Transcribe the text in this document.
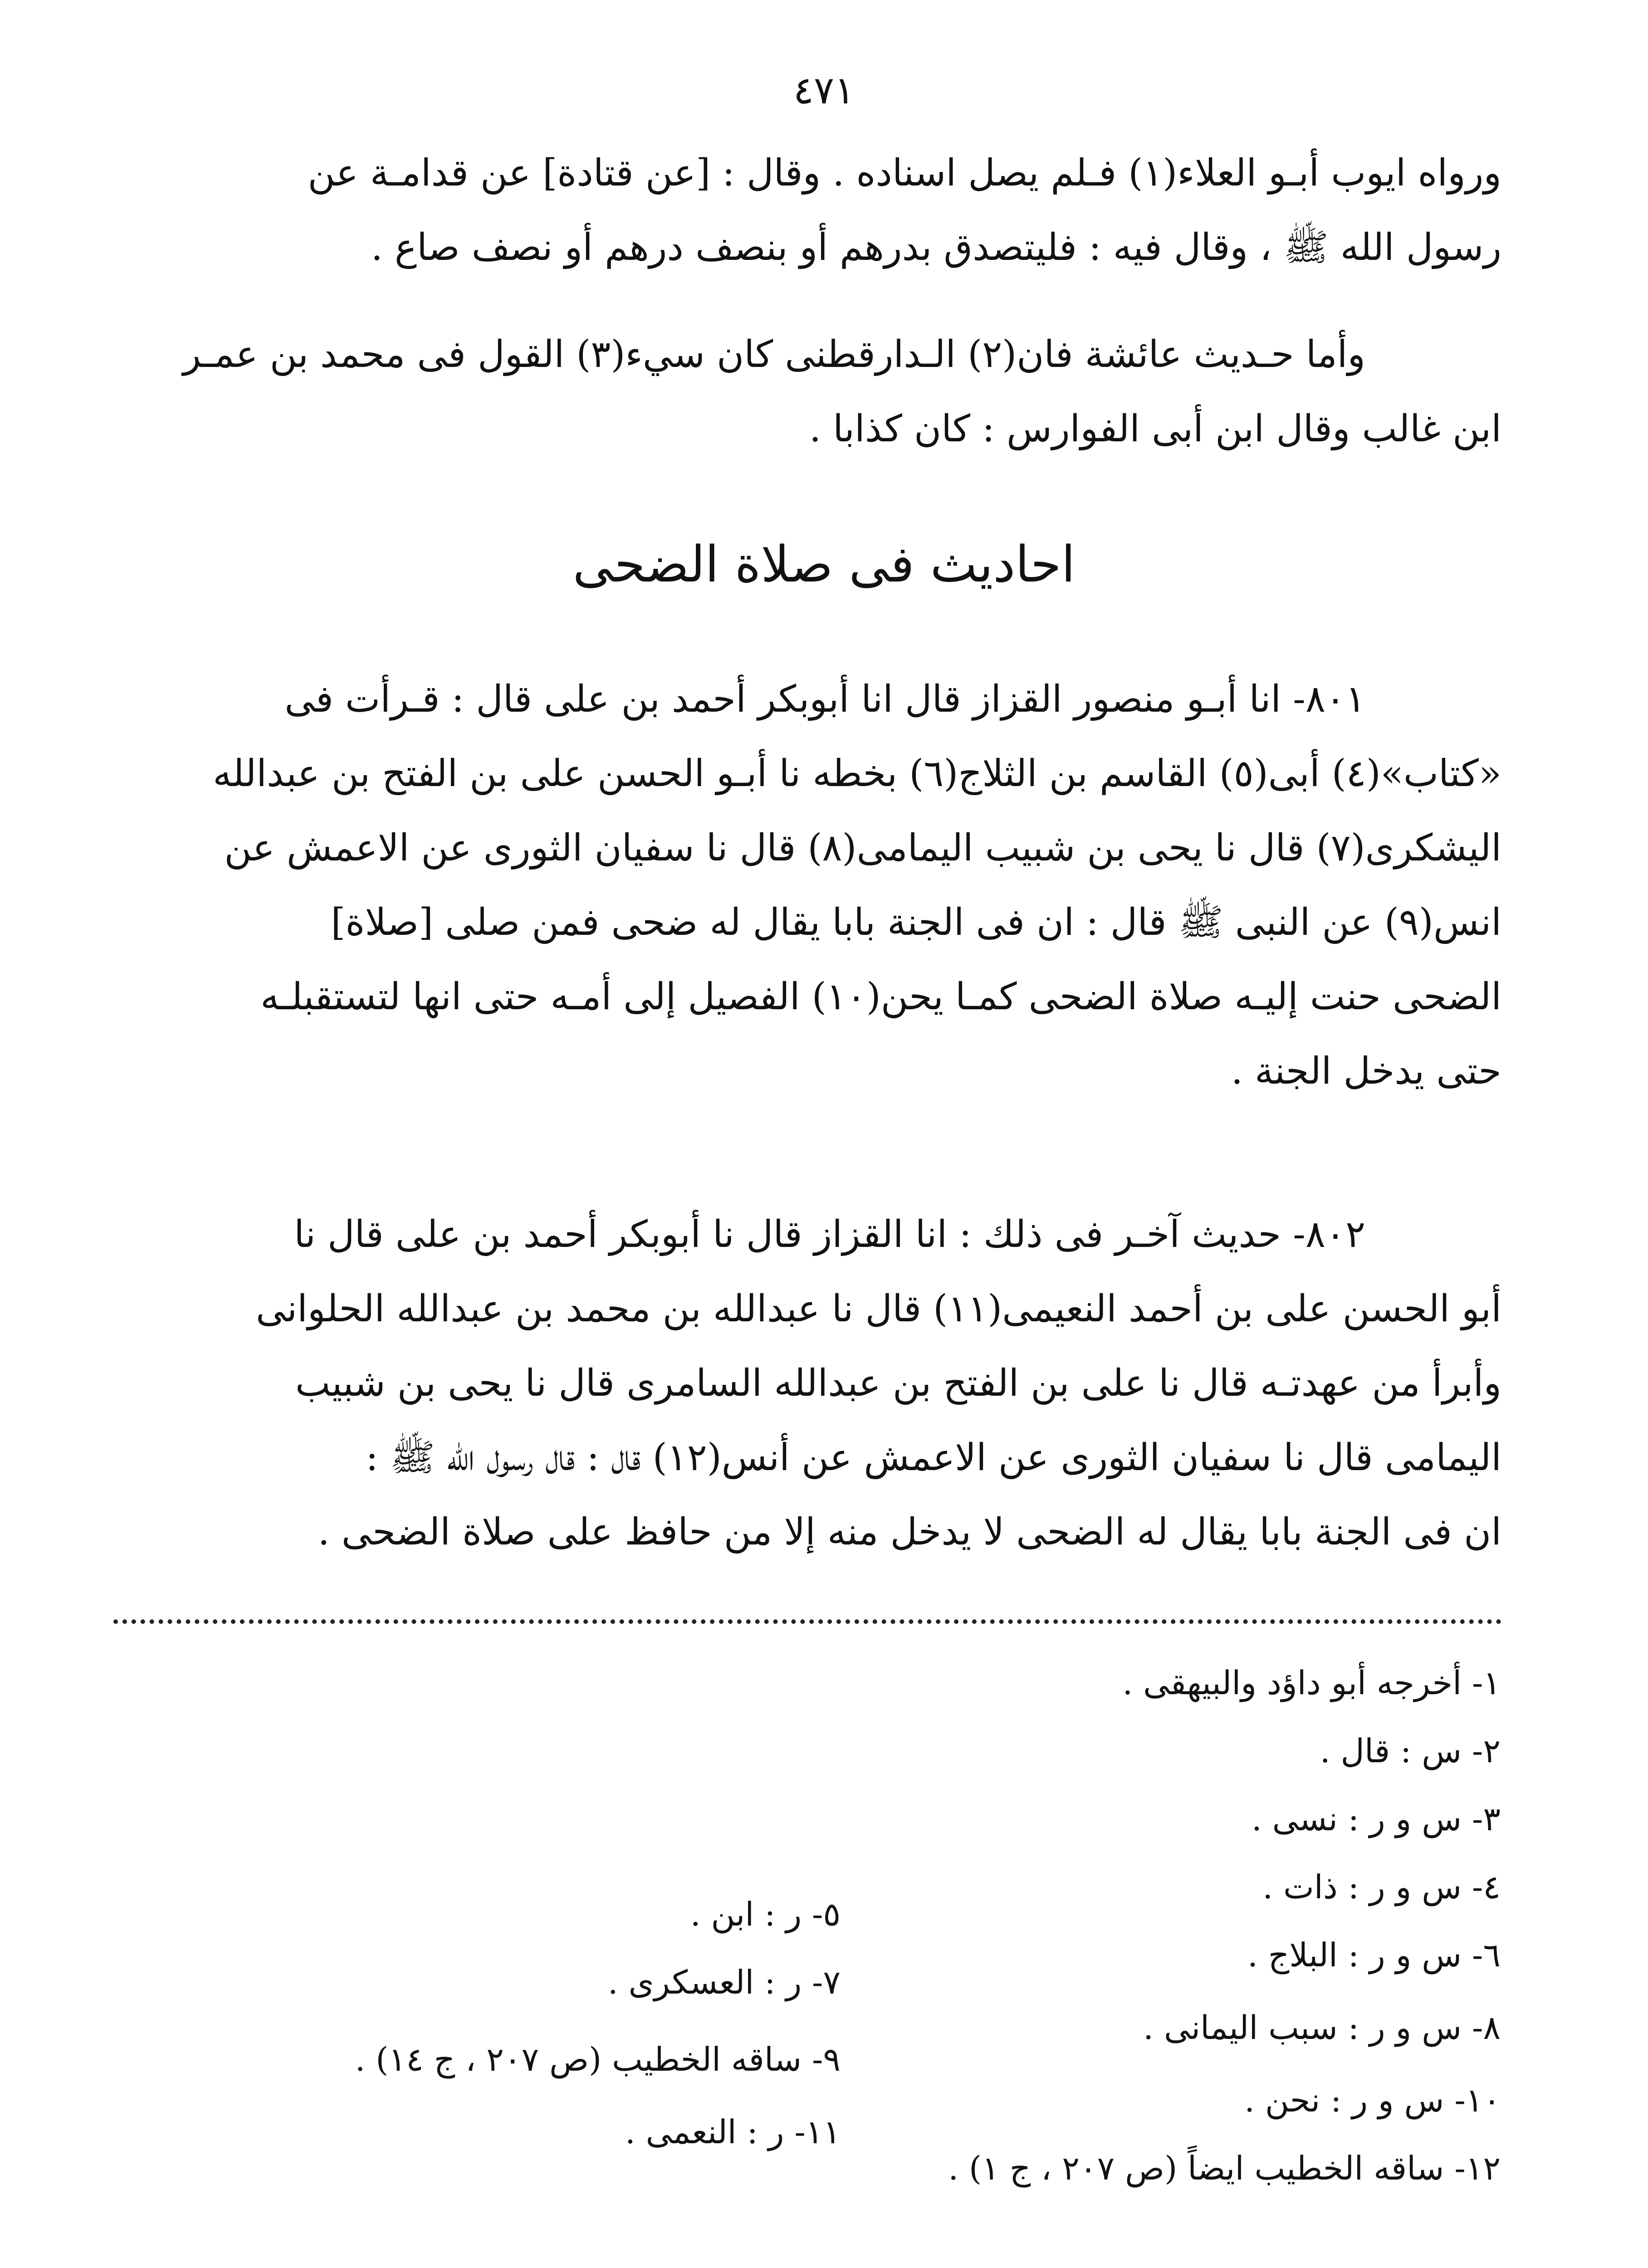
٤٧١
ورواه ايوب أبـو العلاء(١) فـلم يصل اسناده . وقال : [عن قتادة] عن قدامـة عن
رسول الله ﷺ ، وقال فيه : فليتصدق بدرهم أو بنصف درهم أو نصف صاع .
وأما حـديث عائشة فان(٢) الـدارقطنى كان سيء(٣) القول فى محمد بن عمـر
ابن غالب وقال ابن أبى الفوارس : كان كذابا .
احاديث فى صلاة الضحى
٨٠١- انا أبـو منصور القزاز قال انا أبوبكر أحمد بن على قال : قـرأت فى
«كتاب»(٤) أبى(٥) القاسم بن الثلاج(٦) بخطه نا أبـو الحسن على بن الفتح بن عبدالله
اليشكرى(٧) قال نا يحى بن شبيب اليمامى(٨) قال نا سفيان الثورى عن الاعمش عن
انس(٩) عن النبى ﷺ قال : ان فى الجنة بابا يقال له ضحى فمن صلى [صلاة]
الضحى حنت إليـه صلاة الضحى كمـا يحن(١٠) الفصيل إلى أمـه حتى انها لتستقبلـه
حتى يدخل الجنة .
٨٠٢- حديث آخـر فى ذلك : انا القزاز قال نا أبوبكر أحمد بن على قال نا
أبو الحسن على بن أحمد النعيمى(١١) قال نا عبدالله بن محمد بن عبدالله الحلوانى
وأبرأ من عهدتـه قال نا على بن الفتح بن عبدالله السامرى قال نا يحى بن شبيب
اليمامى قال نا سفيان الثورى عن الاعمش عن أنس(١٢) قال : قال رسول الله ﷺ :
ان فى الجنة بابا يقال له الضحى لا يدخل منه إلا من حافظ على صلاة الضحى .
١- أخرجه أبو داؤد والبيهقى .
٢- س : قال .
٣- س و ر : نسى .
٤- س و ر : ذات .
٦- س و ر : البلاج .
٨- س و ر : سبب اليمانى .
١٠- س و ر : نحن .
١٢- ساقه الخطيب ايضاً (ص ٢٠٧ ، ج ١) .
٥- ر : ابن .
٧- ر : العسكرى .
٩- ساقه الخطيب (ص ٢٠٧ ، ج ١٤) .
١١- ر : النعمى .
